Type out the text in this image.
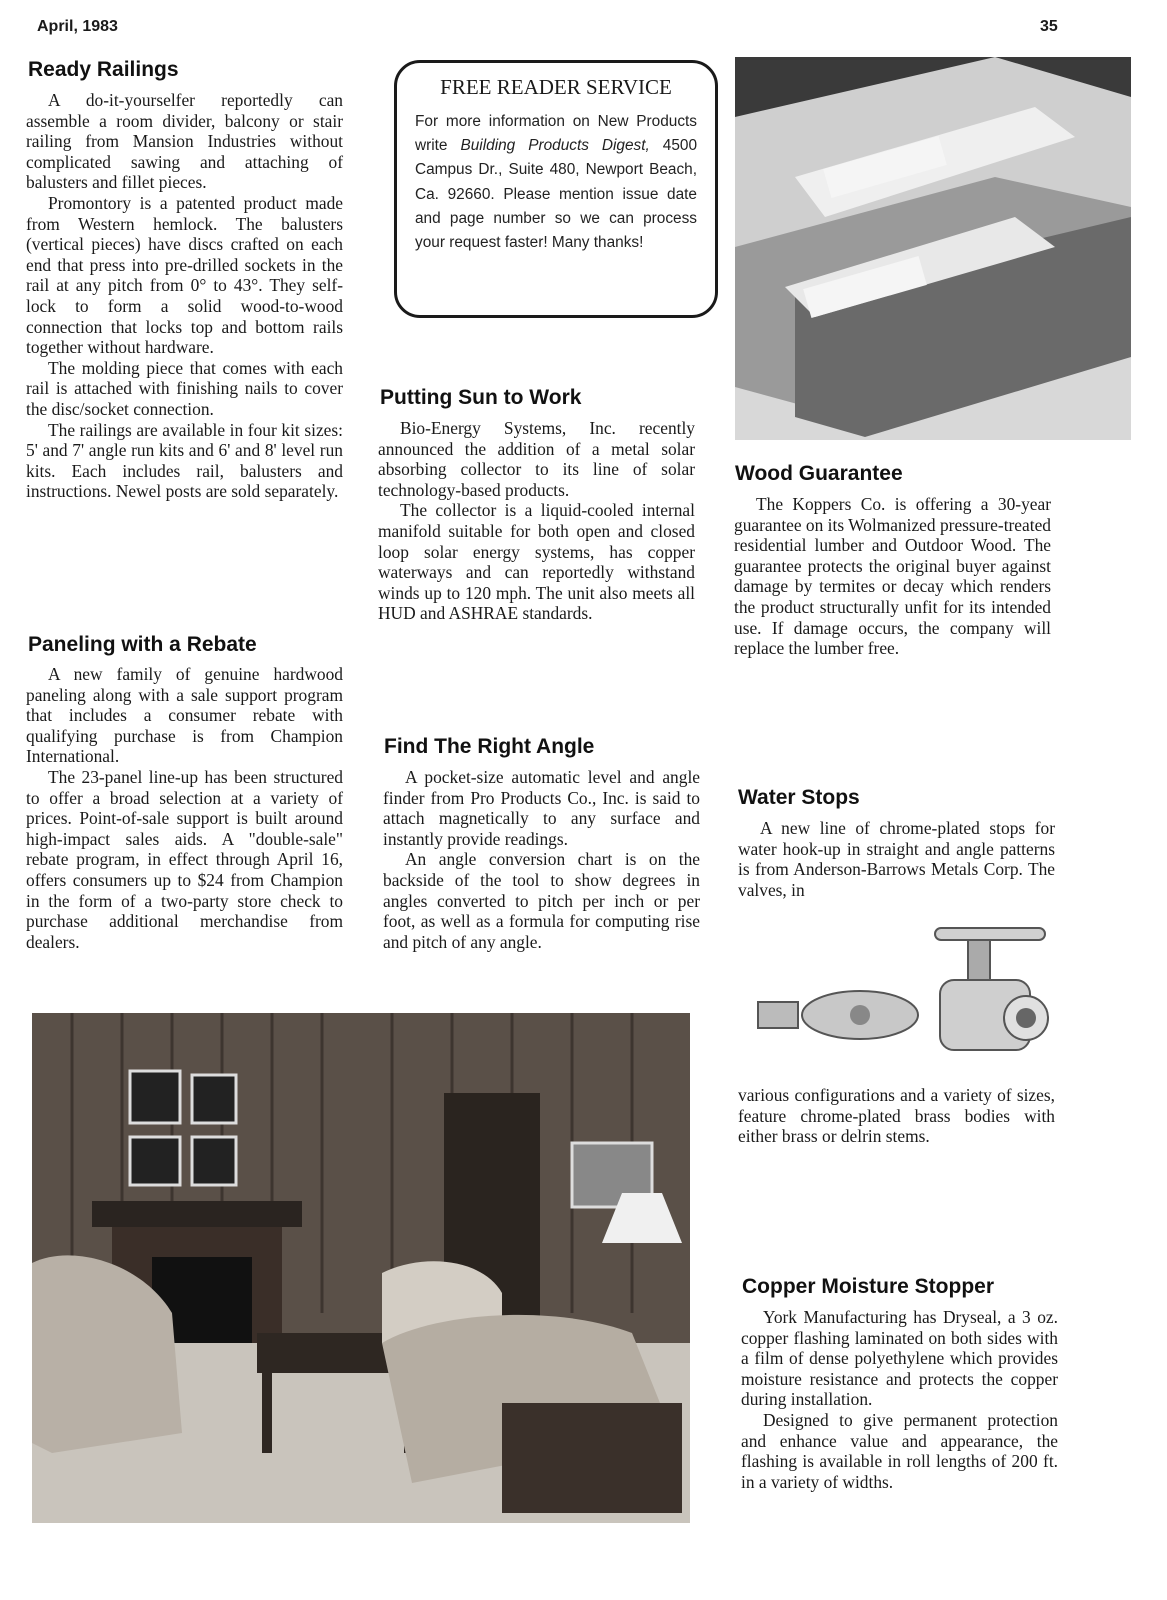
April, 1983	35
Ready Railings

A do-it-yourselfer reportedly can assemble a room divider, balcony or stair railing from Mansion Industries without complicated sawing and attaching of balusters and fillet pieces.

Promontory is a patented product made from Western hemlock. The balusters (vertical pieces) have discs crafted on each end that press into pre-drilled sockets in the rail at any pitch from 0° to 43°. They self-lock to form a solid wood-to-wood connection that locks top and bottom rails together without hardware.

The molding piece that comes with each rail is attached with finishing nails to cover the disc/socket connection.

The railings are available in four kit sizes: 5' and 7' angle run kits and 6' and 8' level run kits. Each includes rail, balusters and instructions. Newel posts are sold separately.

Paneling with a Rebate

A new family of genuine hardwood paneling along with a sale support program that includes a consumer rebate with qualifying purchase is from Champion International.

The 23-panel line-up has been structured to offer a broad selection at a variety of prices. Point-of-sale support is built around high-impact sales aids. A "double-sale" rebate program, in effect through April 16, offers consumers up to $24 from Champion in the form of a two-party store check to purchase additional merchandise from dealers.

FREE READER SERVICE
For more information on New Products write Building Products Digest, 4500 Campus Dr., Suite 480, Newport Beach, Ca. 92660. Please mention issue date and page number so we can process your request faster! Many thanks!
Putting Sun to Work

Bio-Energy Systems, Inc. recently announced the addition of a metal solar absorbing collector to its line of solar technology-based products.

The collector is a liquid-cooled internal manifold suitable for both open and closed loop solar energy systems, has copper waterways and can reportedly withstand winds up to 120 mph. The unit also meets all HUD and ASHRAE standards.

Find The Right Angle

A pocket-size automatic level and angle finder from Pro Products Co., Inc. is said to attach magnetically to any surface and instantly provide readings.

An angle conversion chart is on the backside of the tool to show degrees in angles converted to pitch per inch or per foot, as well as a formula for computing rise and pitch of any angle.

Wood Guarantee

The Koppers Co. is offering a 30-year guarantee on its Wolmanized pressure-treated residential lumber and Outdoor Wood. The guarantee protects the original buyer against damage by termites or decay which renders the product structurally unfit for its intended use. If damage occurs, the company will replace the lumber free.

Water Stops

A new line of chrome-plated stops for water hook-up in straight and angle patterns is from Anderson-Barrows Metals Corp. The valves, in

various configurations and a variety of sizes, feature chrome-plated brass bodies with either brass or delrin stems.

Copper Moisture Stopper

York Manufacturing has Dryseal, a 3 oz. copper flashing laminated on both sides with a film of dense polyethylene which provides moisture resistance and protects the copper during installation.

Designed to give permanent protection and enhance value and appearance, the flashing is available in roll lengths of 200 ft. in a variety of widths.
